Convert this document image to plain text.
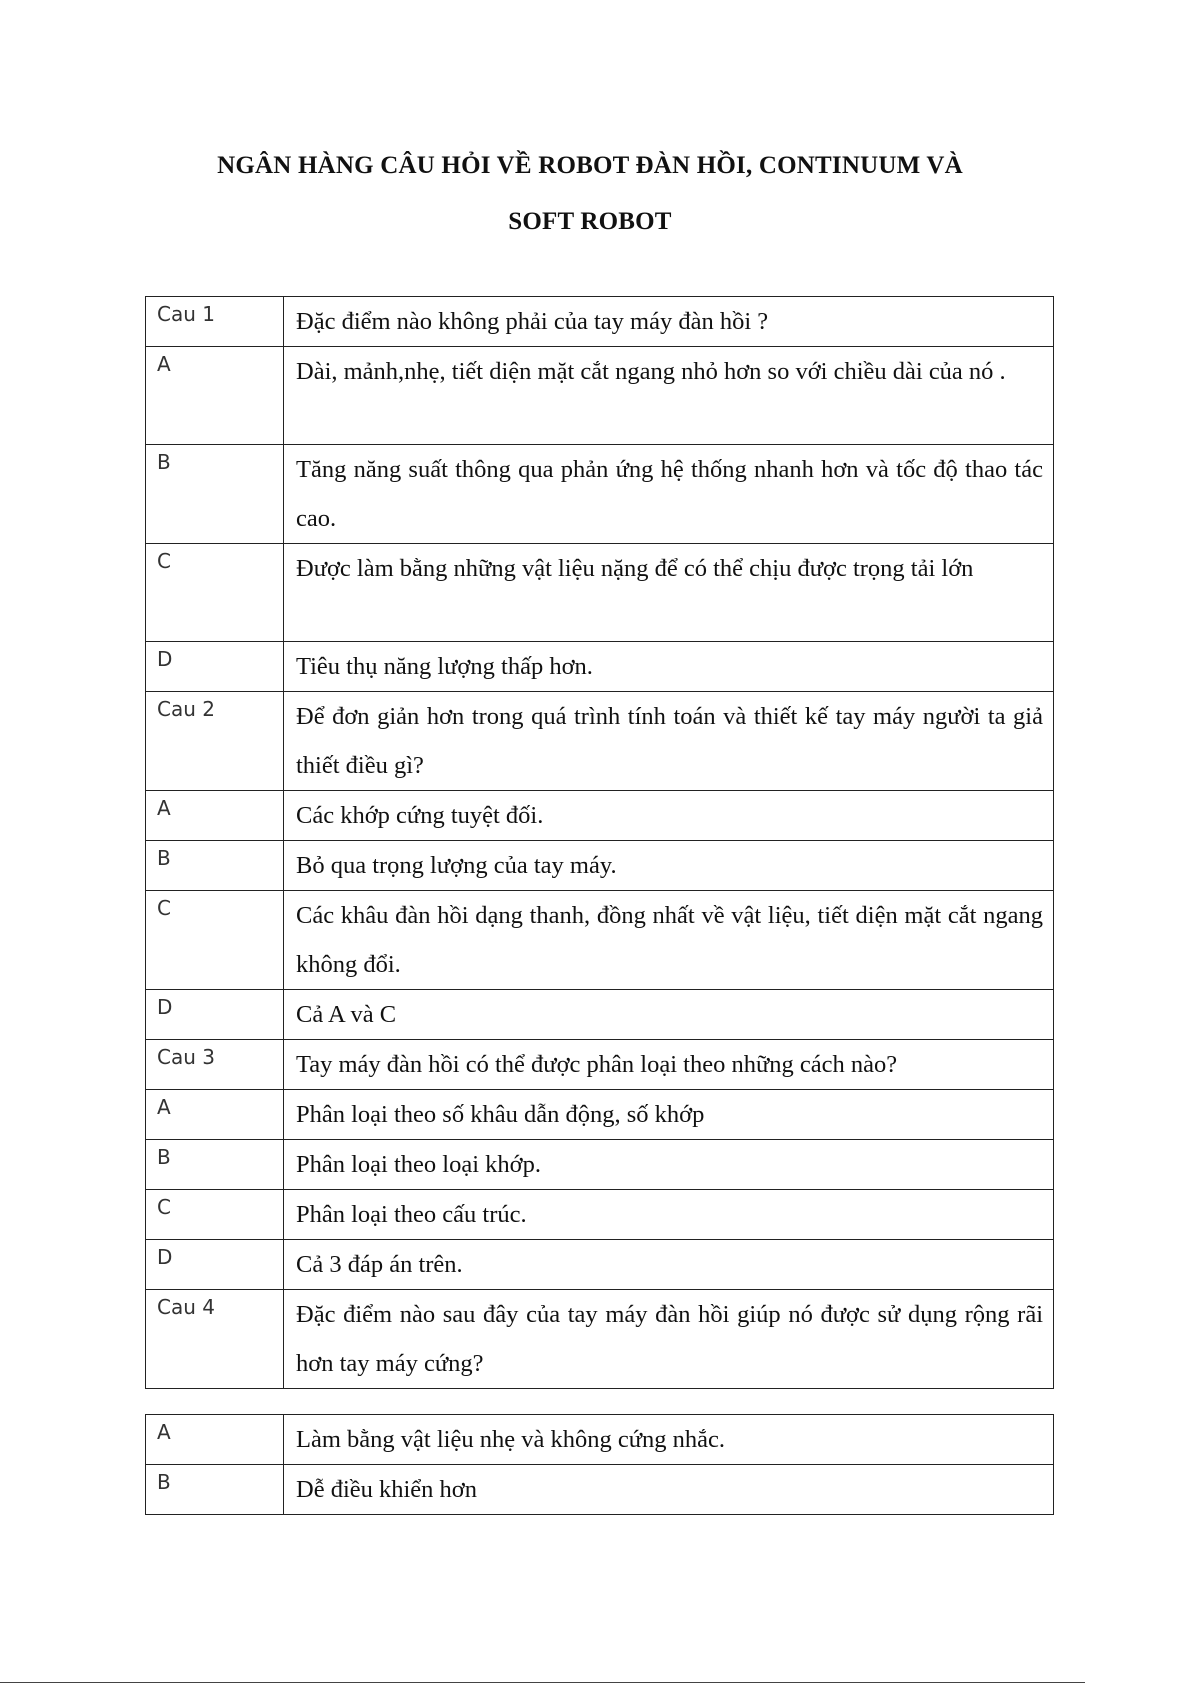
NGÂN HÀNG CÂU HỎI VỀ ROBOT ĐÀN HỒI, CONTINUUM VÀ
SOFT ROBOT
Cau 1	Đặc điểm nào không phải của tay máy đàn hồi ?
A	Dài, mảnh,nhẹ, tiết diện mặt cắt ngang nhỏ hơn so với chiều dài của nó .
B	Tăng năng suất thông qua phản ứng hệ thống nhanh hơn và tốc độ thao tác cao.
C	Được làm bằng những vật liệu nặng để có thể chịu được trọng tải lớn
D	Tiêu thụ năng lượng thấp hơn.
Cau 2	Để đơn giản hơn trong quá trình tính toán và thiết kế tay máy người ta giả thiết điều gì?
A	Các khớp cứng tuyệt đối.
B	Bỏ qua trọng lượng của tay máy.
C	Các khâu đàn hồi dạng thanh, đồng nhất về vật liệu, tiết diện mặt cắt ngang không đổi.
D	Cả A và C
Cau 3	Tay máy đàn hồi có thể được phân loại theo những cách nào?
A	Phân loại theo số khâu dẫn động, số khớp
B	Phân loại theo loại khớp.
C	Phân loại theo cấu trúc.
D	Cả 3 đáp án trên.
Cau 4	Đặc điểm nào sau đây của tay máy đàn hồi giúp nó được sử dụng rộng rãi hơn tay máy cứng?
A	Làm bằng vật liệu nhẹ và không cứng nhắc.
B	Dễ điều khiển hơn
